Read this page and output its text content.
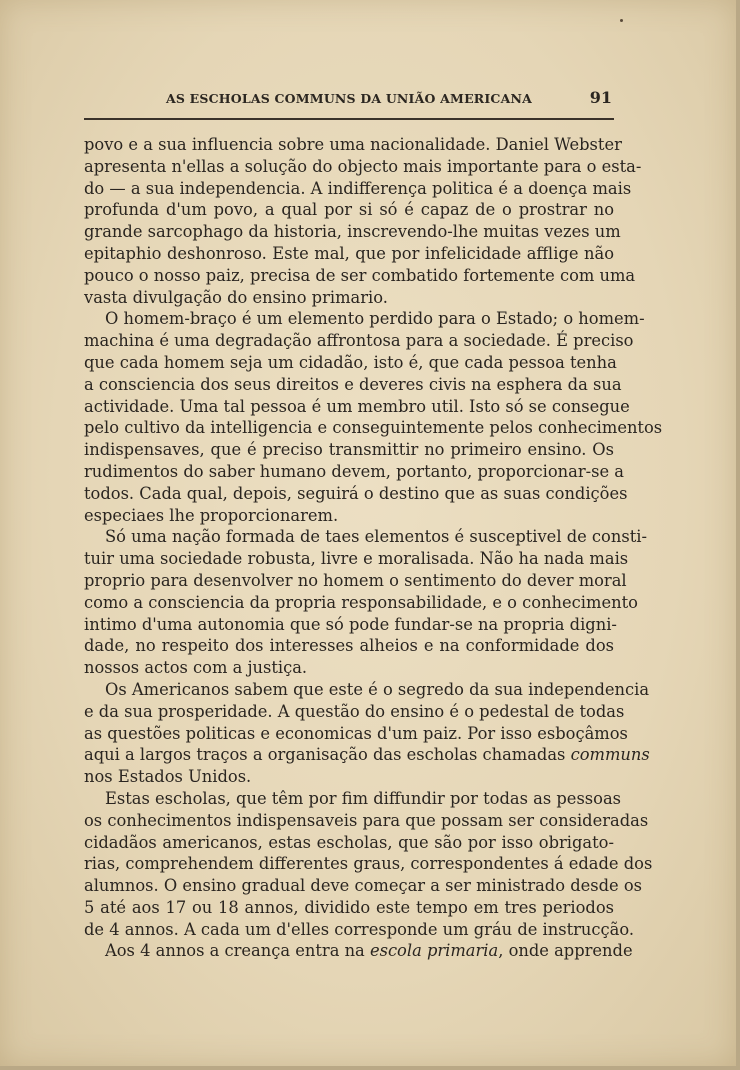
AS ESCHOLAS COMMUNS DA UNIÃO AMERICANA	91
povo e a sua influencia sobre uma nacionalidade. Daniel Webster
apresenta n'ellas a solução do objecto mais importante para o esta-
do — a sua independencia. A indifferença politica é a doença mais
profunda d'um povo, a qual por si só é capaz de o prostrar no
grande sarcophago da historia, inscrevendo-lhe muitas vezes um
epitaphio deshonroso. Este mal, que por infelicidade afflige não
pouco o nosso paiz, precisa de ser combatido fortemente com uma
vasta divulgação do ensino primario.
O homem-braço é um elemento perdido para o Estado; o homem-
machina é uma degradação affrontosa para a sociedade. É preciso
que cada homem seja um cidadão, isto é, que cada pessoa tenha
a consciencia dos seus direitos e deveres civis na esphera da sua
actividade. Uma tal pessoa é um membro util. Isto só se consegue
pelo cultivo da intelligencia e conseguintemente pelos conhecimentos
indispensaves, que é preciso transmittir no primeiro ensino. Os
rudimentos do saber humano devem, portanto, proporcionar-se a
todos. Cada qual, depois, seguirá o destino que as suas condições
especiaes lhe proporcionarem.
Só uma nação formada de taes elementos é susceptivel de consti-
tuir uma sociedade robusta, livre e moralisada. Não ha nada mais
proprio para desenvolver no homem o sentimento do dever moral
como a consciencia da propria responsabilidade, e o conhecimento
intimo d'uma autonomia que só pode fundar-se na propria digni-
dade, no respeito dos interesses alheios e na conformidade dos
nossos actos com a justiça.
Os Americanos sabem que este é o segredo da sua independencia
e da sua prosperidade. A questão do ensino é o pedestal de todas
as questões politicas e economicas d'um paiz. Por isso esboçâmos
aqui a largos traços a organisação das escholas chamadas communs
nos Estados Unidos.
Estas escholas, que têm por fim diffundir por todas as pessoas
os conhecimentos indispensaveis para que possam ser consideradas
cidadãos americanos, estas escholas, que são por isso obrigato-
rias, comprehendem differentes graus, correspondentes á edade dos
alumnos. O ensino gradual deve começar a ser ministrado desde os
5 até aos 17 ou 18 annos, dividido este tempo em tres periodos
de 4 annos. A cada um d'elles corresponde um gráu de instrucção.
Aos 4 annos a creança entra na escola primaria, onde apprende
